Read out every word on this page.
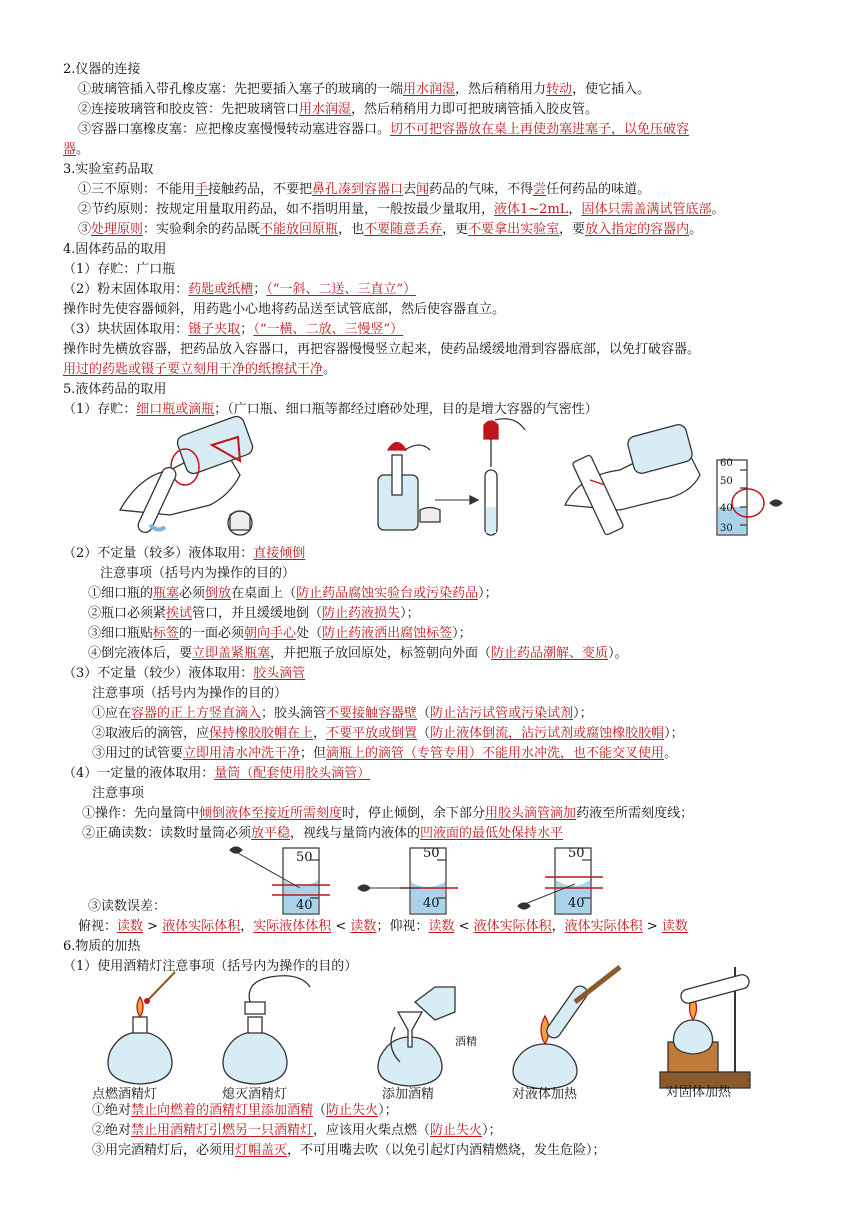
2.仪器的连接
①玻璃管插入带孔橡皮塞：先把要插入塞子的玻璃的一端用水润湿，然后稍稍用力转动，使它插入。
②连接玻璃管和胶皮管：先把玻璃管口用水润湿，然后稍稍用力即可把玻璃管插入胶皮管。
③容器口塞橡皮塞：应把橡皮塞慢慢转动塞进容器口。切不可把容器放在桌上再使劲塞进塞子，以免压破容
器。
3.实验室药品取
①三不原则：不能用手接触药品，不要把鼻孔凑到容器口去闻药品的气味，不得尝任何药品的味道。
②节约原则：按规定用量取用药品，如不指明用量，一般按最少量取用，液体1~2mL，固体只需盖满试管底部。
③处理原则：实验剩余的药品既不能放回原瓶，也不要随意丢弃，更不要拿出实验室，要放入指定的容器内。
4.固体药品的取用
（1）存贮：广口瓶
（2）粉末固体取用：药匙或纸槽；（“一斜、二送、三直立”）
操作时先使容器倾斜，用药匙小心地将药品送至试管底部，然后使容器直立。
（3）块状固体取用：镊子夹取；（“一横、二放、三慢竖”）
操作时先横放容器，把药品放入容器口，再把容器慢慢竖立起来，使药品缓缓地滑到容器底部，以免打破容器。
用过的药匙或镊子要立刻用干净的纸擦拭干净。
5.液体药品的取用
（1）存贮：细口瓶或滴瓶；（广口瓶、细口瓶等都经过磨砂处理，目的是增大容器的气密性）
60
50
40
30
（2）不定量（较多）液体取用：直接倾倒
注意事项（括号内为操作的目的）
①细口瓶的瓶塞必须倒放在桌面上（防止药品腐蚀实验台或污染药品）；
②瓶口必须紧挨试管口，并且缓缓地倒（防止药液损失）；
③细口瓶贴标签的一面必须朝向手心处（防止药液洒出腐蚀标签）；
④倒完液体后，要立即盖紧瓶塞，并把瓶子放回原处，标签朝向外面（防止药品潮解、变质）。
（3）不定量（较少）液体取用：胶头滴管
注意事项（括号内为操作的目的）
①应在容器的正上方竖直滴入；胶头滴管不要接触容器壁（防止沾污试管或污染试剂）；
②取液后的滴管，应保持橡胶胶帽在上，不要平放或倒置（防止液体倒流，沾污试剂或腐蚀橡胶胶帽）；
③用过的试管要立即用清水冲洗干净；但滴瓶上的滴管（专管专用）不能用水冲洗，也不能交叉使用。
（4）一定量的液体取用：量筒（配套使用胶头滴管）
注意事项
①操作：先向量筒中倾倒液体至接近所需刻度时，停止倾倒，余下部分用胶头滴管滴加药液至所需刻度线；
②正确读数：读数时量筒必须放平稳，视线与量筒内液体的凹液面的最低处保持水平
50
40
50
40
50
40
③读数误差：
俯视：读数 > 液体实际体积，实际液体体积 < 读数；仰视：读数 < 液体实际体积，液体实际体积 > 读数
6.物质的加热
（1）使用酒精灯注意事项（括号内为操作的目的）
酒精
点燃酒精灯	熄灭酒精灯	添加酒精	对液体加热	对固体加热
①绝对禁止向燃着的酒精灯里添加酒精（防止失火）；
②绝对禁止用酒精灯引燃另一只酒精灯，应该用火柴点燃（防止失火）；
③用完酒精灯后，必须用灯帽盖灭，不可用嘴去吹（以免引起灯内酒精燃烧，发生危险）；
